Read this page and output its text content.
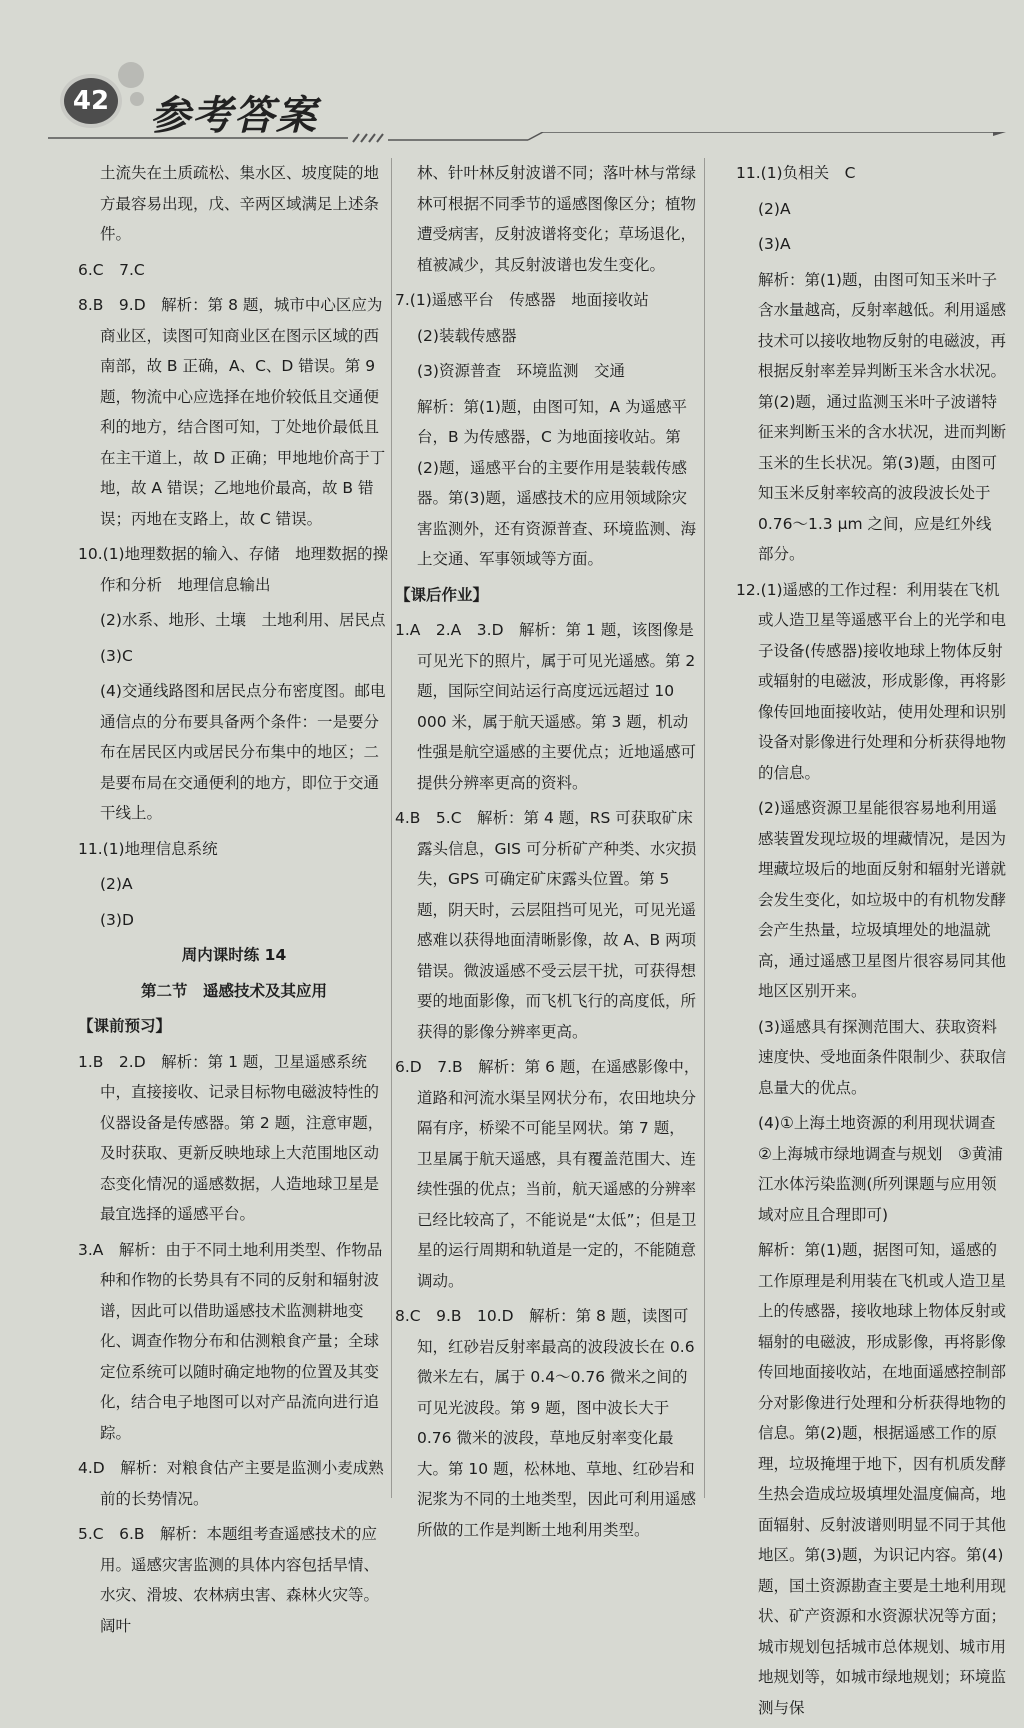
42 参考答案
土流失在土质疏松、集水区、坡度陡的地方最容易出现，戊、辛两区域满足上述条件。
6.C　7.C
8.B　9.D　解析：第 8 题，城市中心区应为商业区，读图可知商业区在图示区域的西南部，故 B 正确，A、C、D 错误。第 9 题，物流中心应选择在地价较低且交通便利的地方，结合图可知，丁处地价最低且在主干道上，故 D 正确；甲地地价高于丁地，故 A 错误；乙地地价最高，故 B 错误；丙地在支路上，故 C 错误。
10.(1)地理数据的输入、存储　地理数据的操作和分析　地理信息输出
(2)水系、地形、土壤　土地利用、居民点
(3)C
(4)交通线路图和居民点分布密度图。邮电通信点的分布要具备两个条件：一是要分布在居民区内或居民分布集中的地区；二是要布局在交通便利的地方，即位于交通干线上。
11.(1)地理信息系统
(2)A
(3)D
周内课时练 14
第二节　遥感技术及其应用
【课前预习】
1.B　2.D　解析：第 1 题，卫星遥感系统中，直接接收、记录目标物电磁波特性的仪器设备是传感器。第 2 题，注意审题，及时获取、更新反映地球上大范围地区动态变化情况的遥感数据，人造地球卫星是最宜选择的遥感平台。
3.A　解析：由于不同土地利用类型、作物品种和作物的长势具有不同的反射和辐射波谱，因此可以借助遥感技术监测耕地变化、调查作物分布和估测粮食产量；全球定位系统可以随时确定地物的位置及其变化，结合电子地图可以对产品流向进行追踪。
4.D　解析：对粮食估产主要是监测小麦成熟前的长势情况。
5.C　6.B　解析：本题组考查遥感技术的应用。遥感灾害监测的具体内容包括旱情、水灾、滑坡、农林病虫害、森林火灾等。阔叶
林、针叶林反射波谱不同；落叶林与常绿林可根据不同季节的遥感图像区分；植物遭受病害，反射波谱将变化；草场退化，植被减少，其反射波谱也发生变化。
7.(1)遥感平台　传感器　地面接收站
(2)装载传感器
(3)资源普查　环境监测　交通
解析：第(1)题，由图可知，A 为遥感平台，B 为传感器，C 为地面接收站。第(2)题，遥感平台的主要作用是装载传感器。第(3)题，遥感技术的应用领域除灾害监测外，还有资源普查、环境监测、海上交通、军事领域等方面。
【课后作业】
1.A　2.A　3.D　解析：第 1 题，该图像是可见光下的照片，属于可见光遥感。第 2 题，国际空间站运行高度远远超过 10 000 米，属于航天遥感。第 3 题，机动性强是航空遥感的主要优点；近地遥感可提供分辨率更高的资料。
4.B　5.C　解析：第 4 题，RS 可获取矿床露头信息，GIS 可分析矿产种类、水灾损失，GPS 可确定矿床露头位置。第 5 题，阴天时，云层阻挡可见光，可见光遥感难以获得地面清晰影像，故 A、B 两项错误。微波遥感不受云层干扰，可获得想要的地面影像，而飞机飞行的高度低，所获得的影像分辨率更高。
6.D　7.B　解析：第 6 题，在遥感影像中，道路和河流水渠呈网状分布，农田地块分隔有序，桥梁不可能呈网状。第 7 题，卫星属于航天遥感，具有覆盖范围大、连续性强的优点；当前，航天遥感的分辨率已经比较高了，不能说是“太低”；但是卫星的运行周期和轨道是一定的，不能随意调动。
8.C　9.B　10.D　解析：第 8 题，读图可知，红砂岩反射率最高的波段波长在 0.6 微米左右，属于 0.4～0.76 微米之间的可见光波段。第 9 题，图中波长大于 0.76 微米的波段，草地反射率变化最大。第 10 题，松林地、草地、红砂岩和泥浆为不同的土地类型，因此可利用遥感所做的工作是判断土地利用类型。
11.(1)负相关　C
(2)A
(3)A
解析：第(1)题，由图可知玉米叶子含水量越高，反射率越低。利用遥感技术可以接收地物反射的电磁波，再根据反射率差异判断玉米含水状况。第(2)题，通过监测玉米叶子波谱特征来判断玉米的含水状况，进而判断玉米的生长状况。第(3)题，由图可知玉米反射率较高的波段波长处于 0.76～1.3 μm 之间，应是红外线部分。
12.(1)遥感的工作过程：利用装在飞机或人造卫星等遥感平台上的光学和电子设备(传感器)接收地球上物体反射或辐射的电磁波，形成影像，再将影像传回地面接收站，使用处理和识别设备对影像进行处理和分析获得地物的信息。
(2)遥感资源卫星能很容易地利用遥感装置发现垃圾的埋藏情况，是因为埋藏垃圾后的地面反射和辐射光谱就会发生变化，如垃圾中的有机物发酵会产生热量，垃圾填埋处的地温就高，通过遥感卫星图片很容易同其他地区区别开来。
(3)遥感具有探测范围大、获取资料速度快、受地面条件限制少、获取信息量大的优点。
(4)①上海土地资源的利用现状调查　②上海城市绿地调查与规划　③黄浦江水体污染监测(所列课题与应用领域对应且合理即可)
解析：第(1)题，据图可知，遥感的工作原理是利用装在飞机或人造卫星上的传感器，接收地球上物体反射或辐射的电磁波，形成影像，再将影像传回地面接收站，在地面遥感控制部分对影像进行处理和分析获得地物的信息。第(2)题，根据遥感工作的原理，垃圾掩埋于地下，因有机质发酵生热会造成垃圾填埋处温度偏高，地面辐射、反射波谱则明显不同于其他地区。第(3)题，为识记内容。第(4)题，国土资源勘查主要是土地利用现状、矿产资源和水资源状况等方面；城市规划包括城市总体规划、城市用地规划等，如城市绿地规划；环境监测与保
